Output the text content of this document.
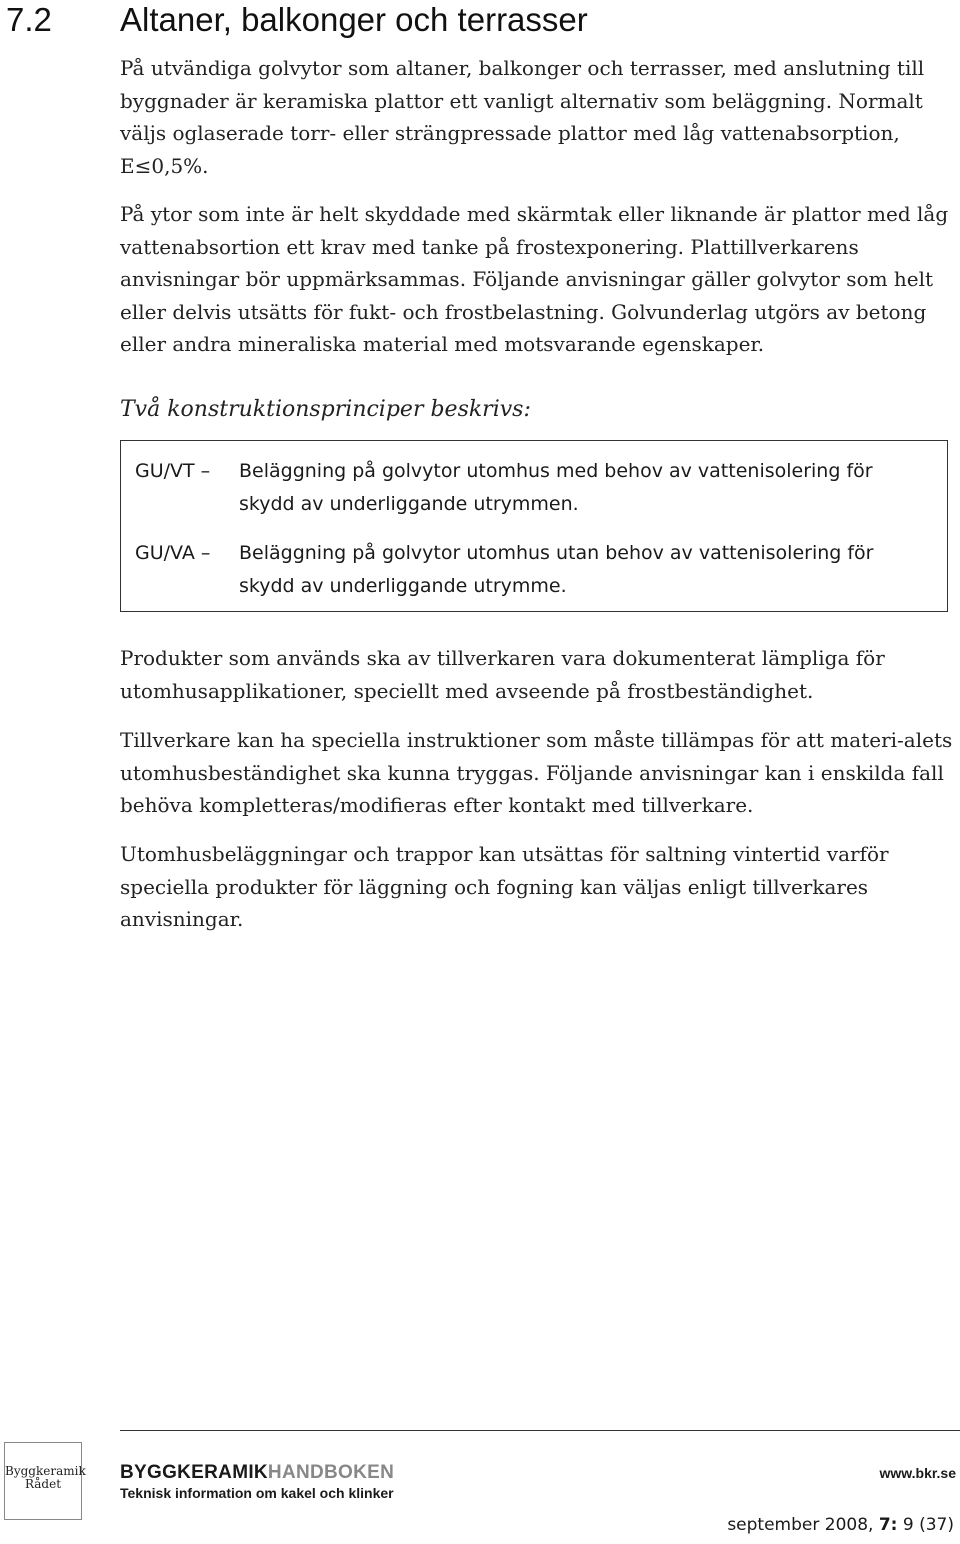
7.2 Altaner, balkonger och terrasser

På utvändiga golvytor som altaner, balkonger och terrasser, med anslutning till byggnader är keramiska plattor ett vanligt alternativ som beläggning. Normalt väljs oglaserade torr- eller strängpressade plattor med låg vattenabsorption, E≤0,5%.

På ytor som inte är helt skyddade med skärmtak eller liknande är plattor med låg vattenabsortion ett krav med tanke på frostexponering. Plattillverkarens anvisningar bör uppmärksammas. Följande anvisningar gäller golvytor som helt eller delvis utsätts för fukt- och frostbelastning. Golvunderlag utgörs av betong eller andra mineraliska material med motsvarande egenskaper.

Två konstruktionsprinciper beskrivs:

GU/VT –	Beläggning på golvytor utomhus med behov av vattenisolering för skydd av underliggande utrymmen.
GU/VA –	Beläggning på golvytor utomhus utan behov av vattenisolering för skydd av underliggande utrymme.

Produkter som används ska av tillverkaren vara dokumenterat lämpliga för utomhusapplikationer, speciellt med avseende på frostbeständighet.

Tillverkare kan ha speciella instruktioner som måste tillämpas för att materi-alets utomhusbeständighet ska kunna tryggas. Följande anvisningar kan i enskilda fall behöva kompletteras/modifieras efter kontakt med tillverkare.

Utomhusbeläggningar och trappor kan utsättas för saltning vintertid varför speciella produkter för läggning och fogning kan väljas enligt tillverkares anvisningar.

Byggkeramik
Rådet
BYGGKERAMIKHANDBOKEN
Teknisk information om kakel och klinker
www.bkr.se
september 2008, 7: 9 (37)
